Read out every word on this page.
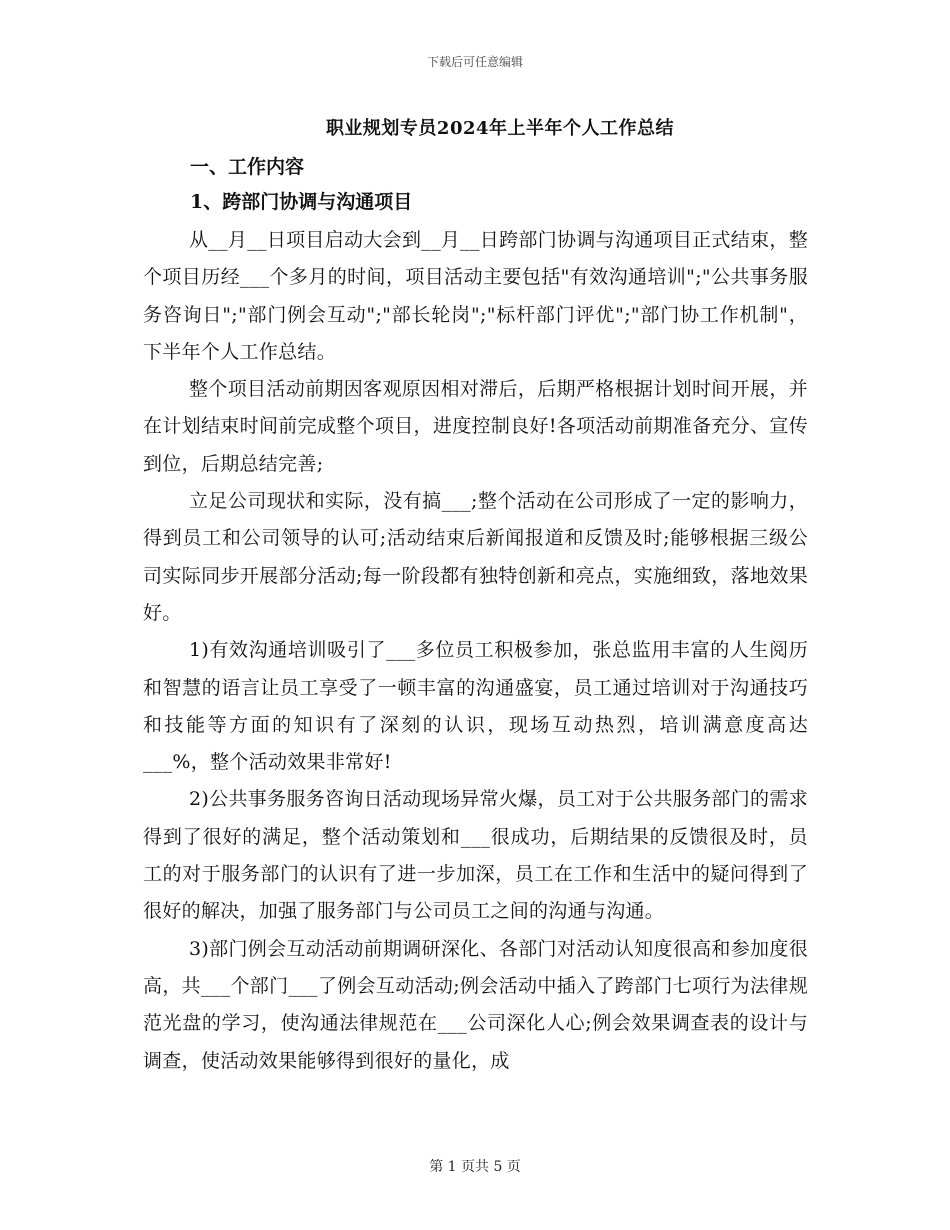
下载后可任意编辑
职业规划专员2024年上半年个人工作总结
一、工作内容
1、跨部门协调与沟通项目

从__月__日项目启动大会到__月__日跨部门协调与沟通项目正式结束，整个项目历经___个多月的时间，项目活动主要包括"有效沟通培训";"公共事务服务咨询日";"部门例会互动";"部长轮岗";"标杆部门评优";"部门协工作机制"，下半年个人工作总结。

整个项目活动前期因客观原因相对滞后，后期严格根据计划时间开展，并在计划结束时间前完成整个项目，进度控制良好!各项活动前期准备充分、宣传到位，后期总结完善;

立足公司现状和实际，没有搞___;整个活动在公司形成了一定的影响力，得到员工和公司领导的认可;活动结束后新闻报道和反馈及时;能够根据三级公司实际同步开展部分活动;每一阶段都有独特创新和亮点，实施细致，落地效果好。

1)有效沟通培训吸引了___多位员工积极参加，张总监用丰富的人生阅历和智慧的语言让员工享受了一顿丰富的沟通盛宴，员工通过培训对于沟通技巧和技能等方面的知识有了深刻的认识，现场互动热烈，培训满意度高达___%，整个活动效果非常好!

2)公共事务服务咨询日活动现场异常火爆，员工对于公共服务部门的需求得到了很好的满足，整个活动策划和___很成功，后期结果的反馈很及时，员工的对于服务部门的认识有了进一步加深，员工在工作和生活中的疑问得到了很好的解决，加强了服务部门与公司员工之间的沟通与沟通。

3)部门例会互动活动前期调研深化、各部门对活动认知度很高和参加度很高，共___个部门___了例会互动活动;例会活动中插入了跨部门七项行为法律规范光盘的学习，使沟通法律规范在___公司深化人心;例会效果调查表的设计与调查，使活动效果能够得到很好的量化，成

第 1 页共 5 页
